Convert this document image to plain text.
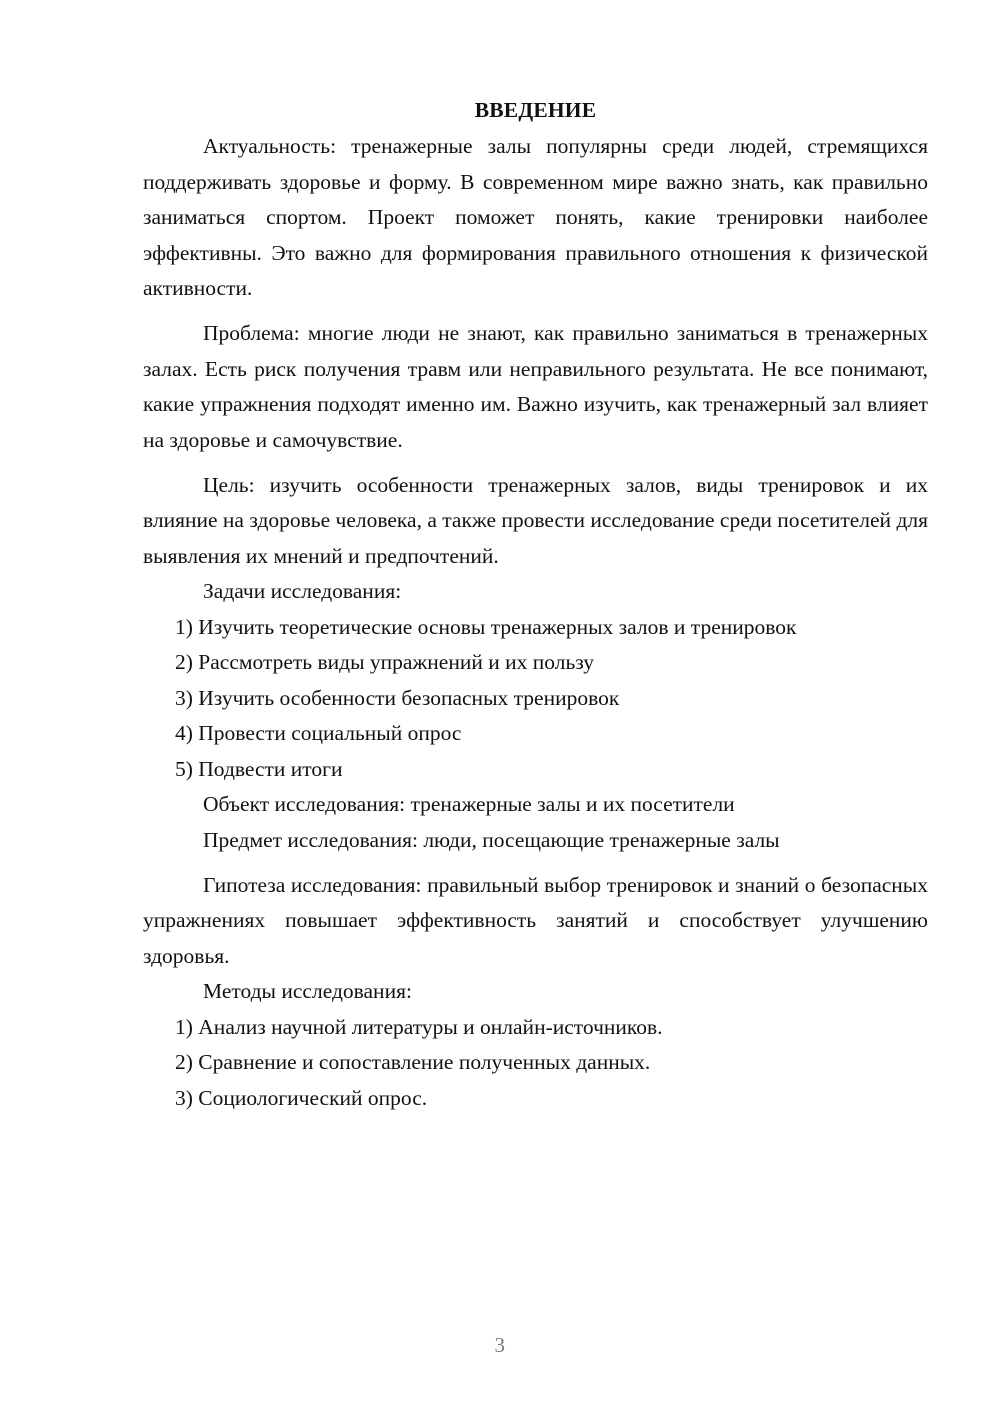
ВВЕДЕНИЕ

Актуальность: тренажерные залы популярны среди людей, стремящихся поддерживать здоровье и форму. В современном мире важно знать, как правильно заниматься спортом. Проект поможет понять, какие тренировки наиболее эффективны. Это важно для формирования правильного отношения к физической активности.

Проблема: многие люди не знают, как правильно заниматься в тренажерных залах. Есть риск получения травм или неправильного результата. Не все понимают, какие упражнения подходят именно им. Важно изучить, как тренажерный зал влияет на здоровье и самочувствие.

Цель: изучить особенности тренажерных залов, виды тренировок и их влияние на здоровье человека, а также провести исследование среди посетителей для выявления их мнений и предпочтений.

Задачи исследования:

1) Изучить теоретические основы тренажерных залов и тренировок

2) Рассмотреть виды упражнений и их пользу

3) Изучить особенности безопасных тренировок

4) Провести социальный опрос

5) Подвести итоги

Объект исследования: тренажерные залы и их посетители

Предмет исследования: люди, посещающие тренажерные залы

Гипотеза исследования: правильный выбор тренировок и знаний о безопасных упражнениях повышает эффективность занятий и способствует улучшению здоровья.

Методы исследования:

1) Анализ научной литературы и онлайн-источников.

2) Сравнение и сопоставление полученных данных.

3) Социологический опрос.

3
